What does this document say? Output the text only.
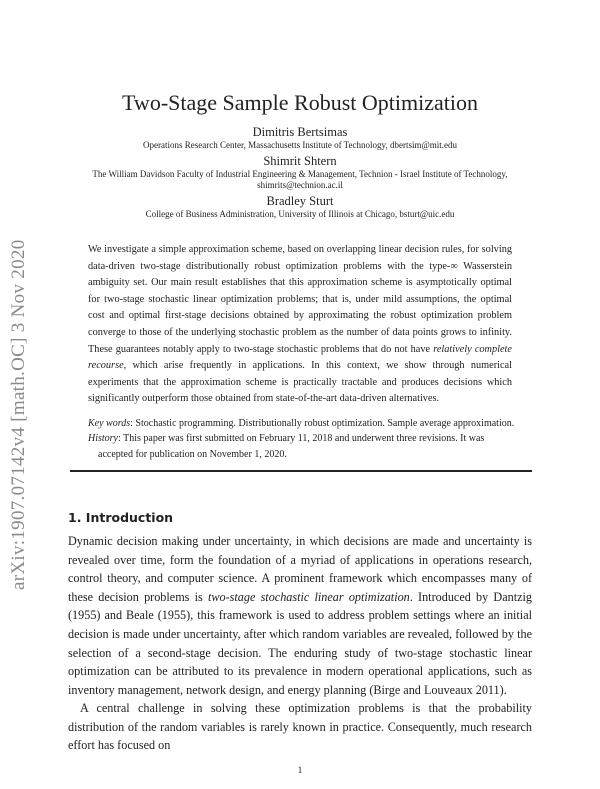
arXiv:1907.07142v4 [math.OC] 3 Nov 2020
Two-Stage Sample Robust Optimization
Dimitris Bertsimas
Operations Research Center, Massachusetts Institute of Technology, dbertsim@mit.edu
Shimrit Shtern
The William Davidson Faculty of Industrial Engineering & Management, Technion - Israel Institute of Technology,
shimrits@technion.ac.il
Bradley Sturt
College of Business Administration, University of Illinois at Chicago, bsturt@uic.edu
We investigate a simple approximation scheme, based on overlapping linear decision rules, for solving data-driven two-stage distributionally robust optimization problems with the type-∞ Wasserstein ambiguity set. Our main result establishes that this approximation scheme is asymptotically optimal for two-stage stochastic linear optimization problems; that is, under mild assumptions, the optimal cost and optimal first-stage decisions obtained by approximating the robust optimization problem converge to those of the underlying stochastic problem as the number of data points grows to infinity. These guarantees notably apply to two-stage stochastic problems that do not have relatively complete recourse, which arise frequently in applications. In this context, we show through numerical experiments that the approximation scheme is practically tractable and produces decisions which significantly outperform those obtained from state-of-the-art data-driven alternatives.
Key words: Stochastic programming. Distributionally robust optimization. Sample average approximation.
History: This paper was first submitted on February 11, 2018 and underwent three revisions. It was
accepted for publication on November 1, 2020.
1. Introduction

Dynamic decision making under uncertainty, in which decisions are made and uncertainty is revealed over time, form the foundation of a myriad of applications in operations research, control theory, and computer science. A prominent framework which encompasses many of these decision problems is two-stage stochastic linear optimization. Introduced by Dantzig (1955) and Beale (1955), this framework is used to address problem settings where an initial decision is made under uncertainty, after which random variables are revealed, followed by the selection of a second-stage decision. The enduring study of two-stage stochastic linear optimization can be attributed to its prevalence in modern operational applications, such as inventory management, network design, and energy planning (Birge and Louveaux 2011).

A central challenge in solving these optimization problems is that the probability distribution of the random variables is rarely known in practice. Consequently, much research effort has focused on

1
